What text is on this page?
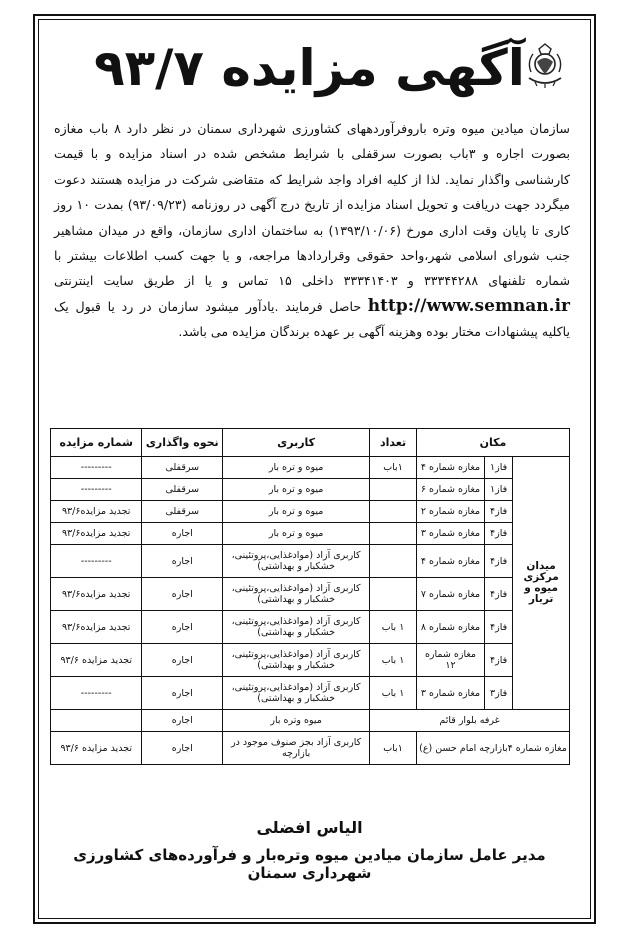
آگهی مزایده ۹۳/۷
سازمان میادین میوه وتره باروفرآوردههای کشاورزی شهرداری سمنان در نظر دارد ۸ باب مغازه بصورت اجاره و ۳باب بصورت سرقفلی با شرایط مشخص شده در اسناد مزایده و با قیمت کارشناسی واگذار نماید. لذا از کلیه افراد واجد شرایط که متقاضی شرکت در مزایده هستند دعوت میگردد جهت دریافت و تحویل اسناد مزایده از تاریخ درج آگهی در روزنامه (۹۳/۰۹/۲۳) بمدت ۱۰ روز کاری تا پایان وقت اداری مورخ (۱۳۹۳/۱۰/۰۶) به ساختمان اداری سازمان، واقع در میدان مشاهیر جنب شورای اسلامی شهر،واحد حقوقی وقراردادها مراجعه، و یا جهت کسب اطلاعات بیشتر با شماره تلفنهای ۳۳۳۴۴۲۸۸ و ۳۳۳۴۱۴۰۳ داخلی ۱۵ تماس و یا از طریق سایت اینترنتی http://www.semnan.ir حاصل فرمایند .یادآور میشود سازمان در رد یا قبول یک یاکلیه پیشنهادات مختار بوده وهزینه آگهی بر عهده برندگان مزایده می باشد.
مکان			تعداد	کاربری	نحوه واگذاری	شماره مزایده
میدان مرکزی میوه و تربار	فاز۱	مغازه شماره ۴	۱باب	میوه و تره بار	سرقفلی	---------
	فاز۱	مغازه شماره ۶		میوه و تره بار	سرقفلی	---------
	فاز۴	مغازه شماره ۲		میوه و تره بار	سرقفلی	تجدید مزایده۹۳/۶
	فاز۴	مغازه شماره ۳		میوه و تره بار	اجاره	تجدید مزایده۹۳/۶
	فاز۴	مغازه شماره ۴		کاربری آزاد (موادغذایی،پروتئینی، خشکبار و بهداشتی)	اجاره	---------
	فاز۴	مغازه شماره ۷		کاربری آزاد (موادغذایی،پروتئینی، خشکبار و بهداشتی)	اجاره	تجدید مزایده۹۳/۶
	فاز۴	مغازه شماره ۸	۱ باب	کاربری آزاد (موادغذایی،پروتئینی، خشکبار و بهداشتی)	اجاره	تجدید مزایده۹۳/۶
	فاز۴	مغازه شماره ۱۲	۱ باب	کاربری آزاد (موادغذایی،پروتئینی، خشکبار و بهداشتی)	اجاره	تجدید مزایده ۹۳/۶
	فاز۳	مغازه شماره ۳	۱ باب	کاربری آزاد (موادغذایی،پروتئینی، خشکبار و بهداشتی)	اجاره	---------
غرفه بلوار قائم				میوه وتره بار	اجاره	
مغازه شماره ۴بازارچه امام حسن (ع)			۱باب	کاربری آزاد بجز صنوف موجود در بازارچه	اجاره	تجدید مزایده ۹۳/۶
الیاس افضلی
مدیر عامل سازمان میادین میوه وتره‌بار و فرآورده‌های کشاورزی شهرداری سمنان
